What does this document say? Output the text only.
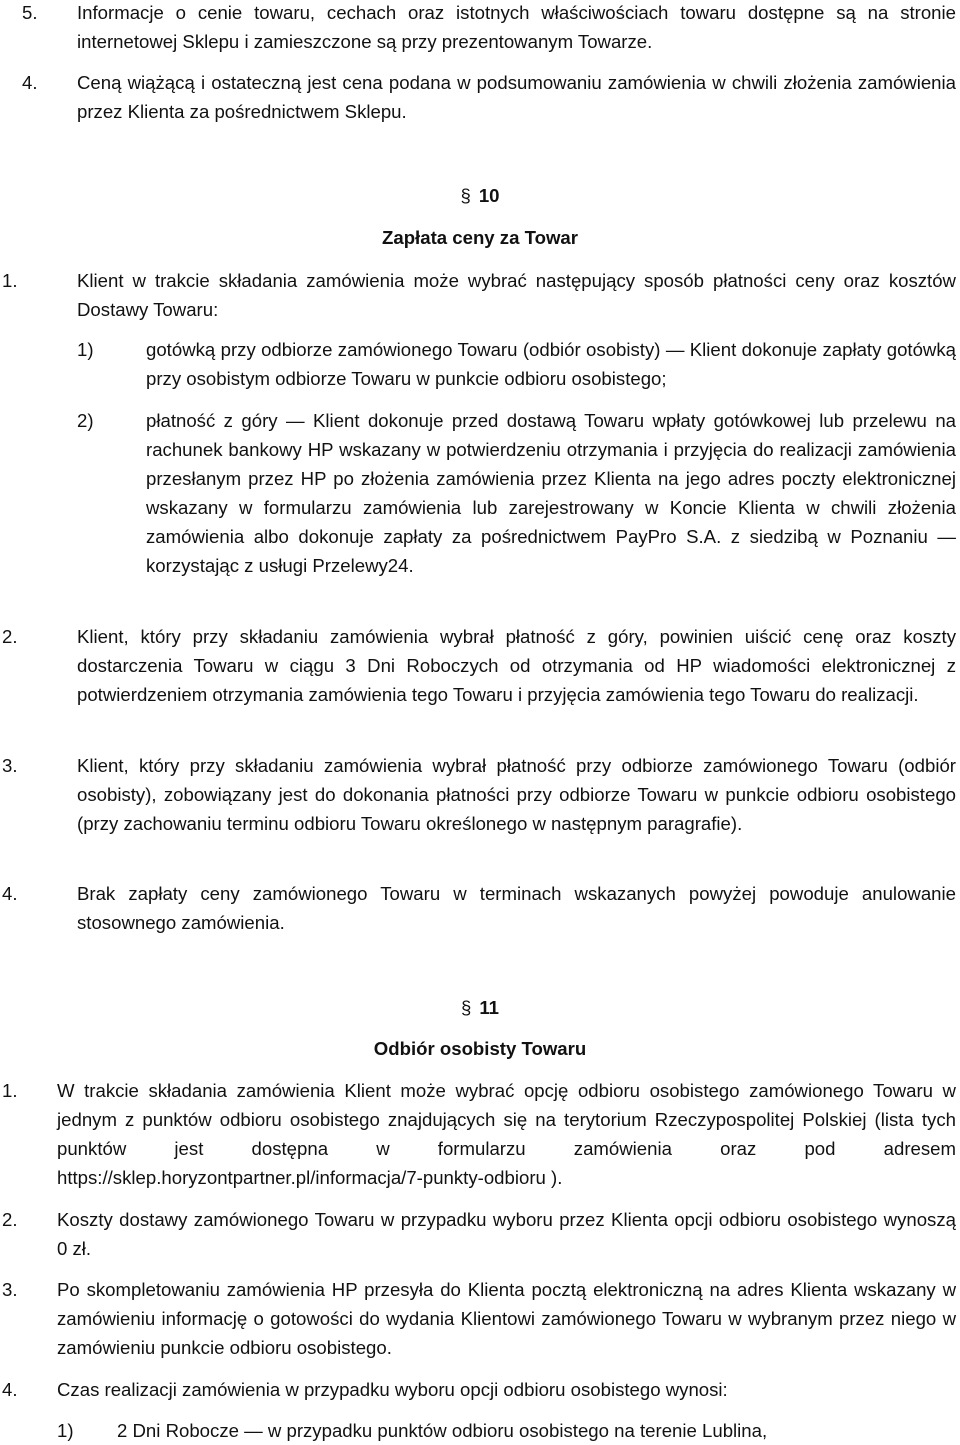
5. Informacje o cenie towaru, cechach oraz istotnych właściwościach towaru dostępne są na stronie internetowej Sklepu i zamieszczone są przy prezentowanym Towarze.
4. Ceną wiążącą i ostateczną jest cena podana w podsumowaniu zamówienia w chwili złożenia zamówienia przez Klienta za pośrednictwem Sklepu.
§ 10
Zapłata ceny za Towar
1.	Klient w trakcie składania zamówienia może wybrać następujący sposób płatności ceny oraz kosztów Dostawy Towaru:
1)	gotówką przy odbiorze zamówionego Towaru (odbiór osobisty) — Klient dokonuje zapłaty gotówką przy osobistym odbiorze Towaru w punkcie odbioru osobistego;
2)	płatność z góry — Klient dokonuje przed dostawą Towaru wpłaty gotówkowej lub przelewu na rachunek bankowy HP wskazany w potwierdzeniu otrzymania i przyjęcia do realizacji zamówienia przesłanym przez HP po złożenia zamówienia przez Klienta na jego adres poczty elektronicznej wskazany w formularzu zamówienia lub zarejestrowany w Koncie Klienta w chwili złożenia zamówienia albo dokonuje zapłaty za pośrednictwem PayPro S.A. z siedzibą w Poznaniu — korzystając z usługi Przelewy24.
2.	Klient, który przy składaniu zamówienia wybrał płatność z góry, powinien uiścić cenę oraz koszty dostarczenia Towaru w ciągu 3 Dni Roboczych od otrzymania od HP wiadomości elektronicznej z potwierdzeniem otrzymania zamówienia tego Towaru i przyjęcia zamówienia tego Towaru do realizacji.
3.	Klient, który przy składaniu zamówienia wybrał płatność przy odbiorze zamówionego Towaru (odbiór osobisty), zobowiązany jest do dokonania płatności przy odbiorze Towaru w punkcie odbioru osobistego (przy zachowaniu terminu odbioru Towaru określonego w następnym paragrafie).
4.	Brak zapłaty ceny zamówionego Towaru w terminach wskazanych powyżej powoduje anulowanie stosownego zamówienia.
§ 11
Odbiór osobisty Towaru
1. W trakcie składania zamówienia Klient może wybrać opcję odbioru osobistego zamówionego Towaru w jednym z punktów odbioru osobistego znajdujących się na terytorium Rzeczypospolitej Polskiej (lista tych punktów jest dostępna w formularzu zamówienia oraz pod adresem https://sklep.horyzontpartner.pl/informacja/7-punkty-odbioru ).
2. Koszty dostawy zamówionego Towaru w przypadku wyboru przez Klienta opcji odbioru osobistego wynoszą 0 zł.
3. Po skompletowaniu zamówienia HP przesyła do Klienta pocztą elektroniczną na adres Klienta wskazany w zamówieniu informację o gotowości do wydania Klientowi zamówionego Towaru w wybranym przez niego w zamówieniu punkcie odbioru osobistego.
4. Czas realizacji zamówienia w przypadku wyboru opcji odbioru osobistego wynosi:
1) 2 Dni Robocze — w przypadku punktów odbioru osobistego na terenie Lublina,
